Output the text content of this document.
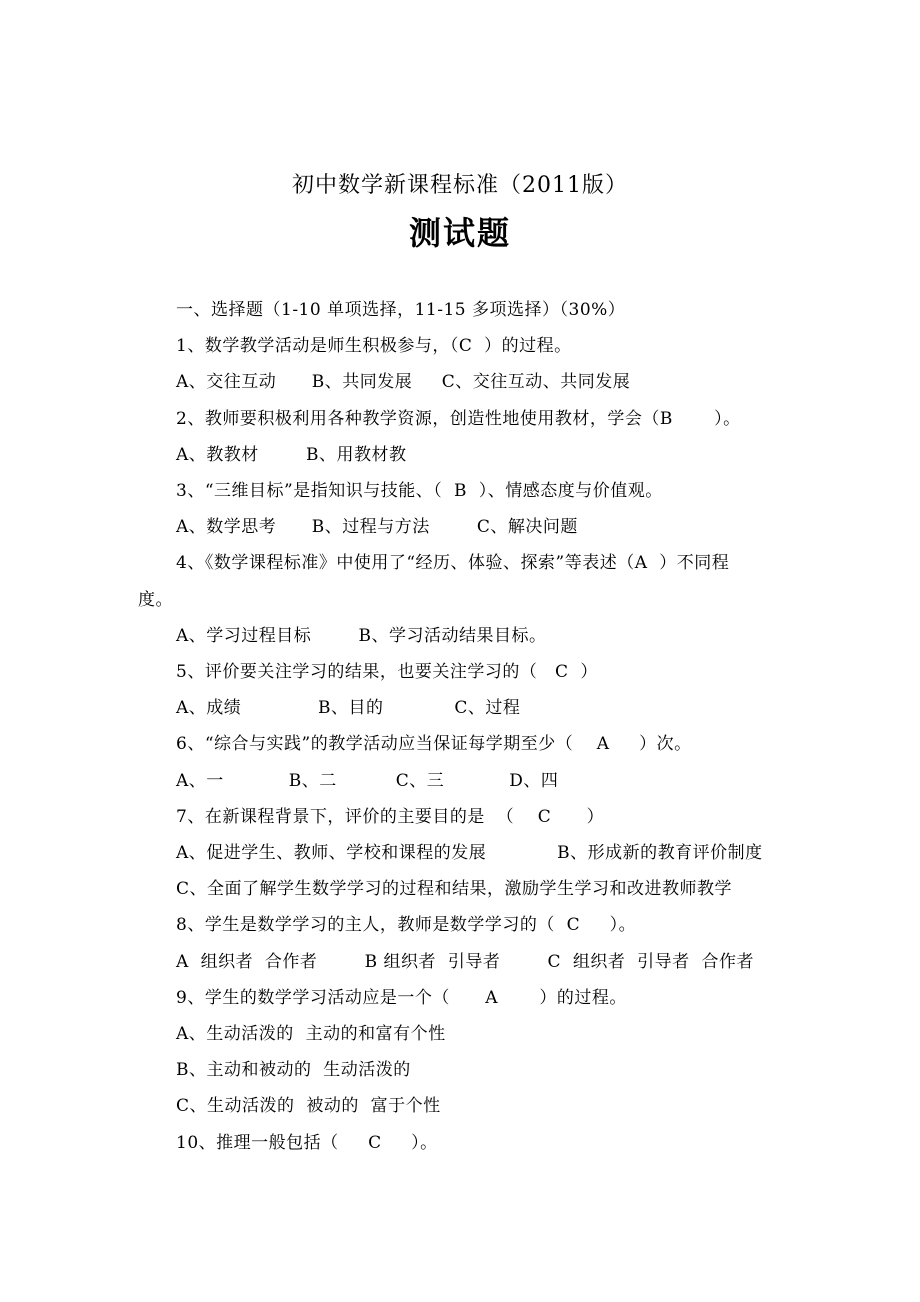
初中数学新课程标准（2011版）
测试题
一、选择题（1-10 单项选择，11-15 多项选择）（30%）
1、数学教学活动是师生积极参与，（C  ）的过程。
A、交往互动      B、共同发展     C、交往互动、共同发展
2、教师要积极利用各种教学资源，创造性地使用教材，学会（B       ）。
A、教教材        B、用教材教
3、“三维目标”是指知识与技能、（  B  ）、情感态度与价值观。
A、数学思考      B、过程与方法        C、解决问题
4、《数学课程标准》中使用了“经历、体验、探索”等表述（A  ）不同程
度。
A、学习过程目标        B、学习活动结果目标。
5、评价要关注学习的结果，也要关注学习的（   C  ）
A、成绩             B、目的            C、过程
6、“综合与实践”的教学活动应当保证每学期至少（    A     ）次。
A、一           B、二          C、三           D、四
7、在新课程背景下，评价的主要目的是  （    C      ）
A、促进学生、教师、学校和课程的发展            B、形成新的教育评价制度
C、全面了解学生数学学习的过程和结果，激励学生学习和改进教师教学
8、学生是数学学习的主人，教师是数学学习的（  C     ）。
A  组织者  合作者        B 组织者  引导者        C  组织者  引导者  合作者
9、学生的数学学习活动应是一个（      A       ）的过程。
A、生动活泼的  主动的和富有个性
B、主动和被动的  生动活泼的
C、生动活泼的  被动的  富于个性
10、推理一般包括（     C     ）。
